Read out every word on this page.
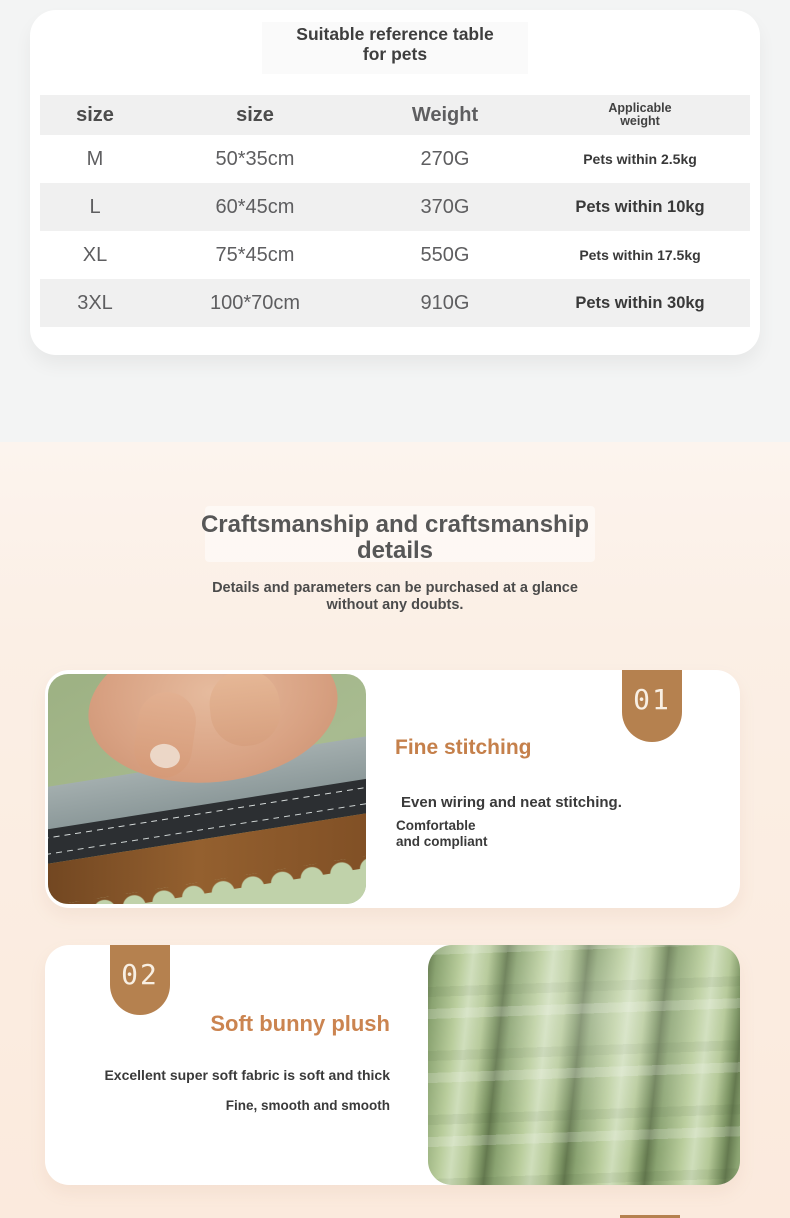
Suitable reference table
for pets
size	size	Weight	Applicable
weight
M	50*35cm	270G	Pets within 2.5kg
L	60*45cm	370G	Pets within 10kg
XL	75*45cm	550G	Pets within 17.5kg
3XL	100*70cm	910G	Pets within 30kg
Craftsmanship and craftsmanship
details
Details and parameters can be purchased at a glance
without any doubts.
01
Fine stitching
Even wiring and neat stitching.
Comfortable
and compliant
02
Soft bunny plush
Excellent super soft fabric is soft and thick
Fine, smooth and smooth
